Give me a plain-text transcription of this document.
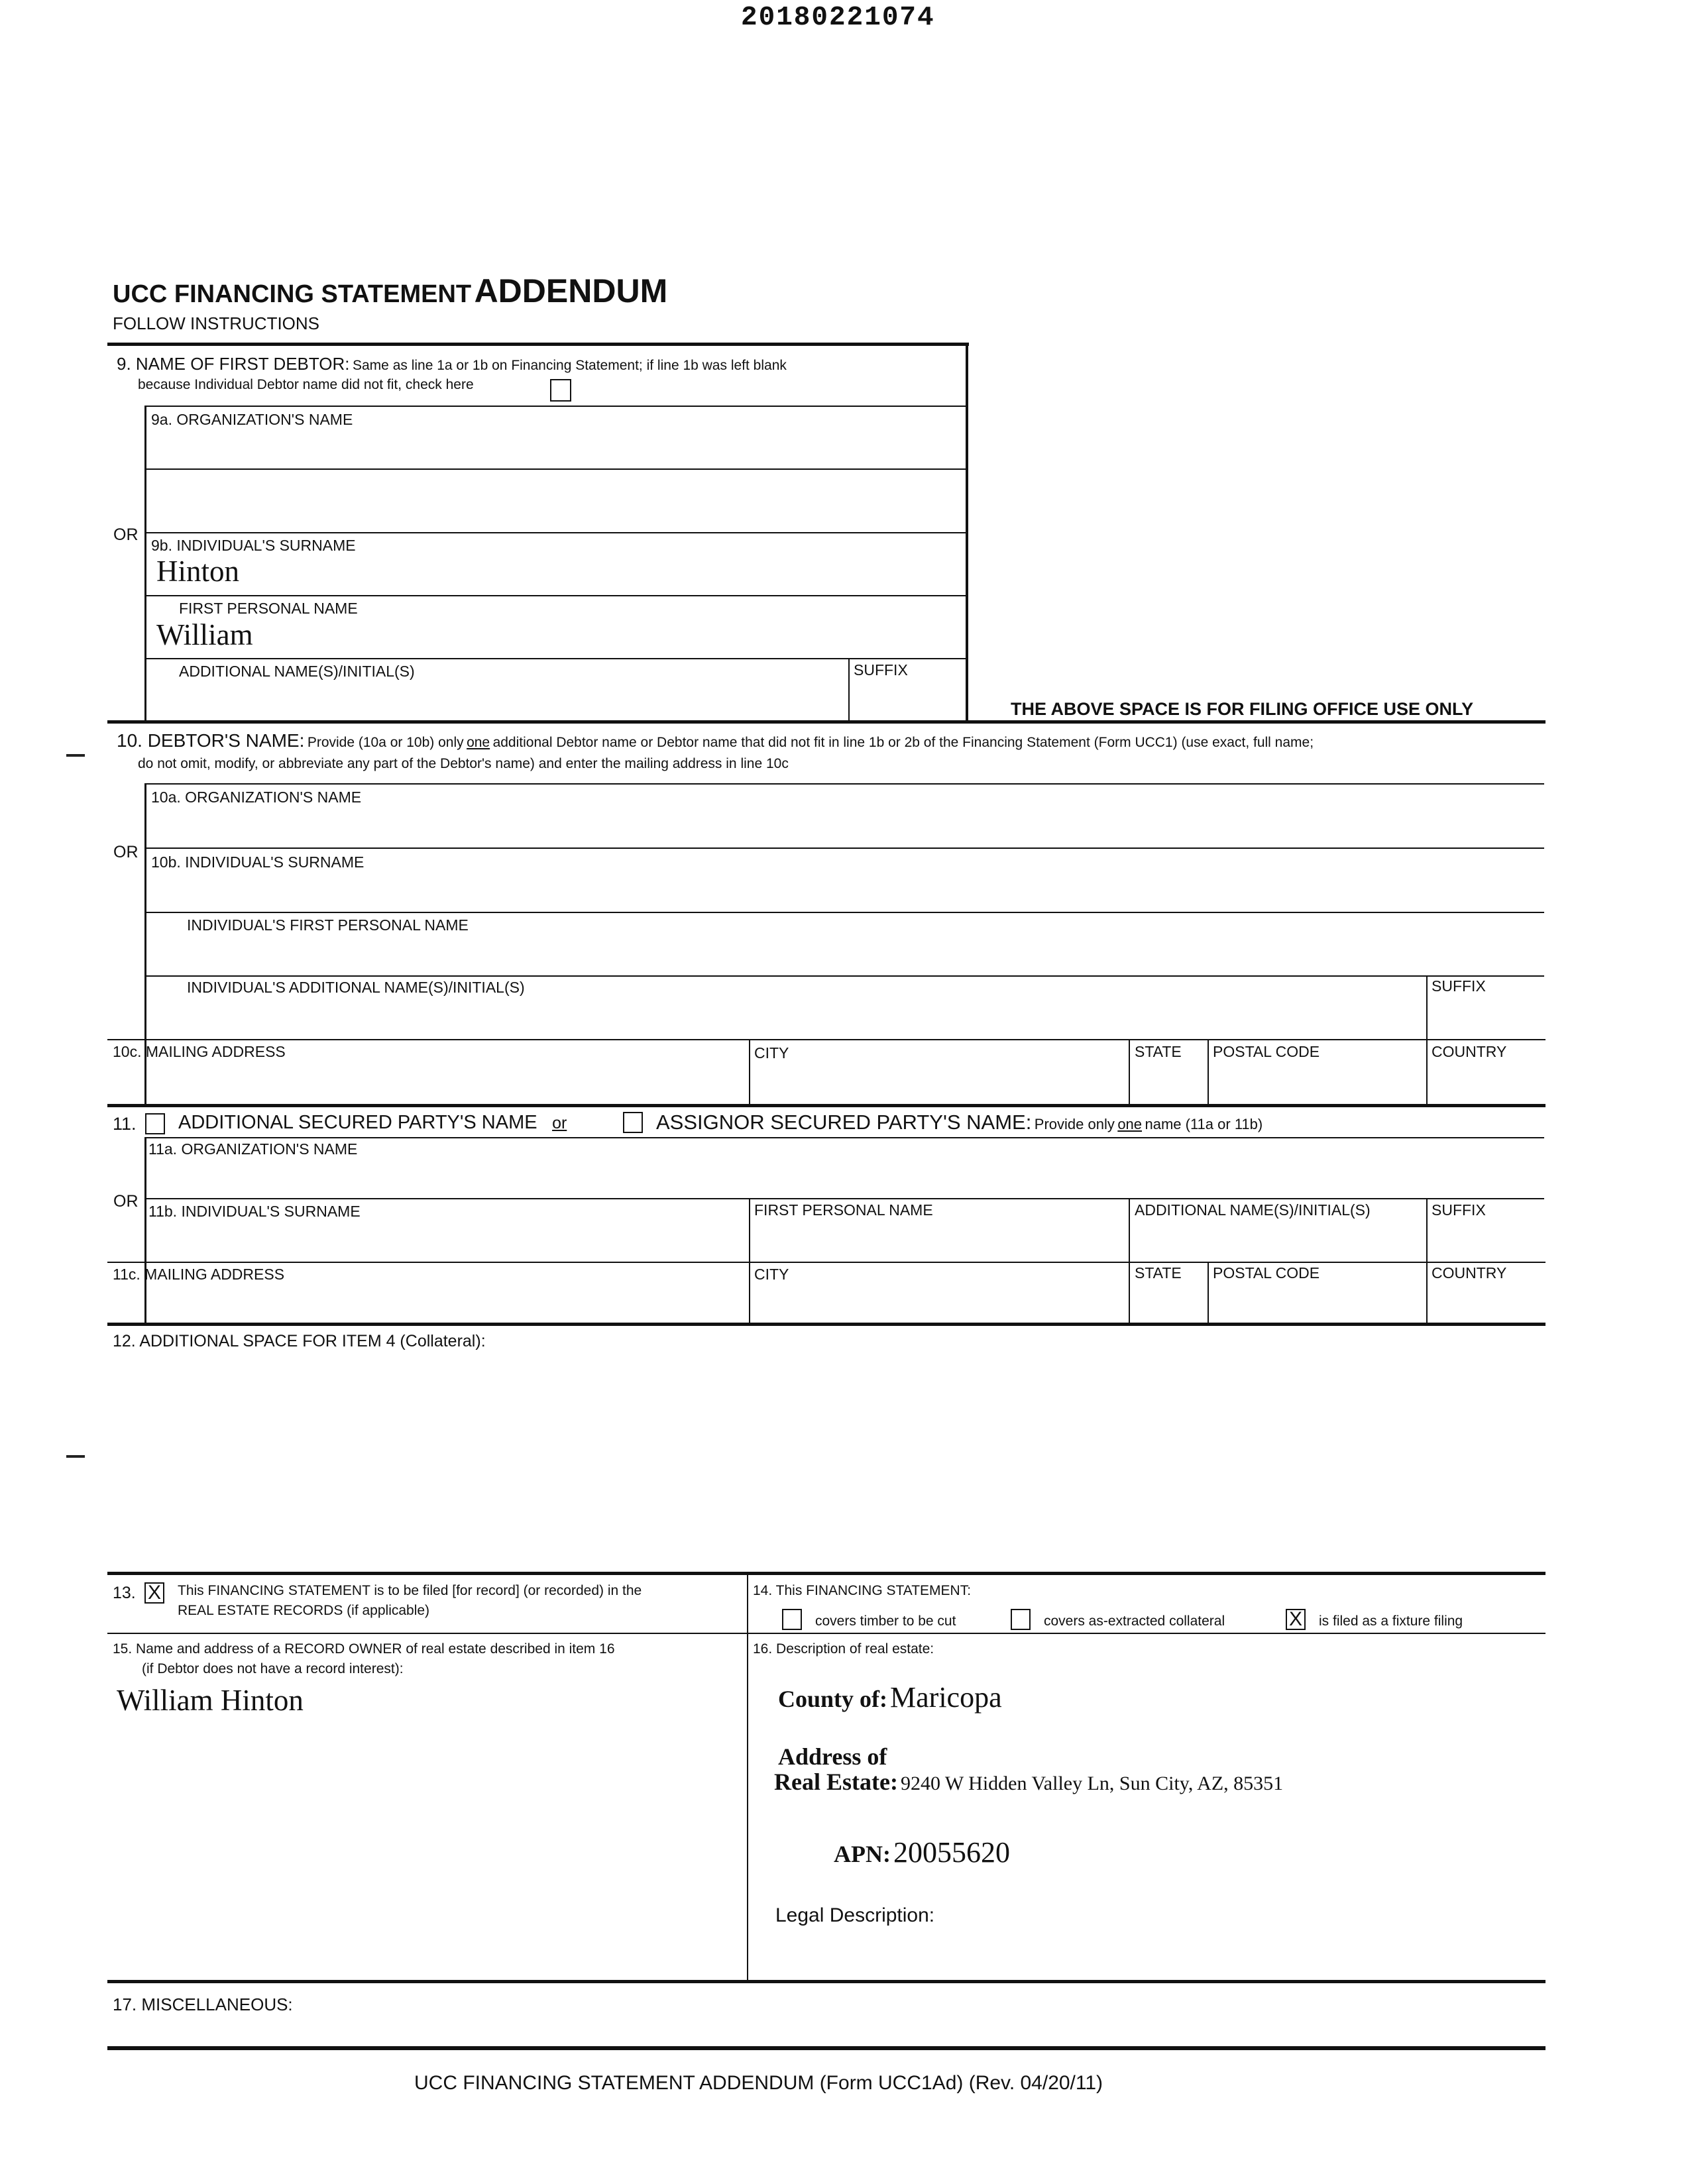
20180221074
UCC FINANCING STATEMENT ADDENDUM
FOLLOW INSTRUCTIONS
9. NAME OF FIRST DEBTOR: Same as line 1a or 1b on Financing Statement; if line 1b was left blank
because Individual Debtor name did not fit, check here
9a. ORGANIZATION'S NAME
OR
9b. INDIVIDUAL'S SURNAME
Hinton
FIRST PERSONAL NAME
William
ADDITIONAL NAME(S)/INITIAL(S)	SUFFIX
THE ABOVE SPACE IS FOR FILING OFFICE USE ONLY
10. DEBTOR'S NAME: Provide (10a or 10b) only one additional Debtor name or Debtor name that did not fit in line 1b or 2b of the Financing Statement (Form UCC1) (use exact, full name;
do not omit, modify, or abbreviate any part of the Debtor's name) and enter the mailing address in line 10c
10a. ORGANIZATION'S NAME
OR
10b. INDIVIDUAL'S SURNAME
INDIVIDUAL'S FIRST PERSONAL NAME
INDIVIDUAL'S ADDITIONAL NAME(S)/INITIAL(S)	SUFFIX
10c. MAILING ADDRESS	CITY	STATE POSTAL CODE	COUNTRY
11. ADDITIONAL SECURED PARTY'S NAME or	ASSIGNOR SECURED PARTY'S NAME: Provide only one name (11a or 11b)
11a. ORGANIZATION'S NAME
OR
11b. INDIVIDUAL'S SURNAME	FIRST PERSONAL NAME	ADDITIONAL NAME(S)/INITIAL(S)	SUFFIX
11c. MAILING ADDRESS	CITY	STATE POSTAL CODE	COUNTRY
12. ADDITIONAL SPACE FOR ITEM 4 (Collateral):
13. X	This FINANCING STATEMENT is to be filed [for record] (or recorded) in the
REAL ESTATE RECORDS (if applicable)
14. This FINANCING STATEMENT:
covers timber to be cut	covers as-extracted collateral X	is filed as a fixture filing
15. Name and address of a RECORD OWNER of real estate described in item 16
(if Debtor does not have a record interest):
William Hinton
16. Description of real estate:
County of: Maricopa
Address of
Real Estate: 9240 W Hidden Valley Ln, Sun City, AZ, 85351
APN: 20055620
Legal Description:
17. MISCELLANEOUS:
UCC FINANCING STATEMENT ADDENDUM (Form UCC1Ad) (Rev. 04/20/11)
